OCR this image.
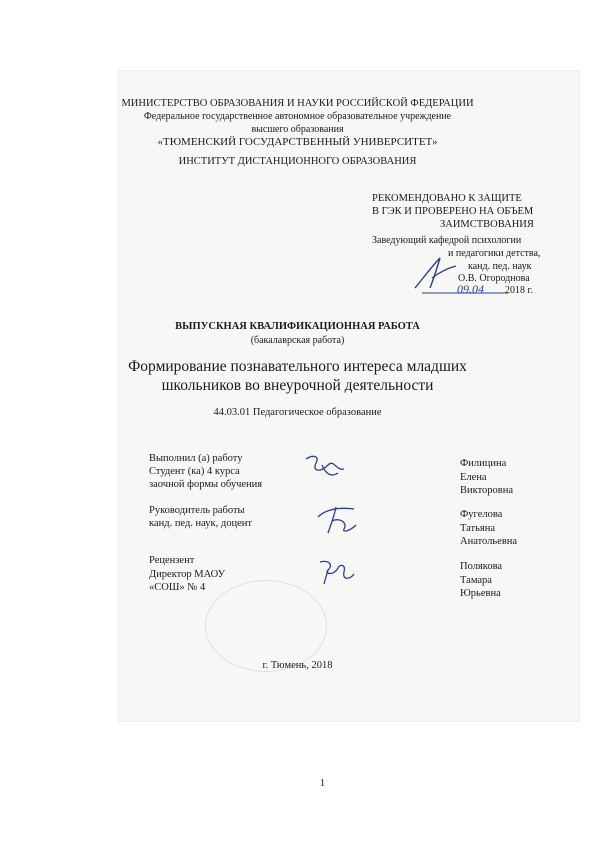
МИНИСТЕРСТВО ОБРАЗОВАНИЯ И НАУКИ РОССИЙСКОЙ ФЕДЕРАЦИИ
Федеральное государственное автономное образовательное учреждение
высшего образования
«ТЮМЕНСКИЙ ГОСУДАРСТВЕННЫЙ УНИВЕРСИТЕТ»
ИНСТИТУТ ДИСТАНЦИОННОГО ОБРАЗОВАНИЯ
РЕКОМЕНДОВАНО К ЗАЩИТЕ
В ГЭК И ПРОВЕРЕНО НА ОБЪЕМ
ЗАИМСТВОВАНИЯ
Заведующий кафедрой психологии
и педагогики детства,
канд. пед. наук
О.В. Огороднова
09.04 2018 г.
ВЫПУСКНАЯ КВАЛИФИКАЦИОННАЯ РАБОТА
(бакалаврская работа)
Формирование познавательного интереса младших
школьников во внеурочной деятельности
44.03.01 Педагогическое образование
Выполнил (а) работу
Студент (ка) 4 курса
заочной формы обучения
Филицина
Елена
Викторовна
Руководитель работы
канд. пед. наук, доцент
Фугелова
Татьяна
Анатольевна
Рецензент
Директор МАОУ
«СОШ» № 4
Полякова
Тамара
Юрьевна
г. Тюмень, 2018
1
